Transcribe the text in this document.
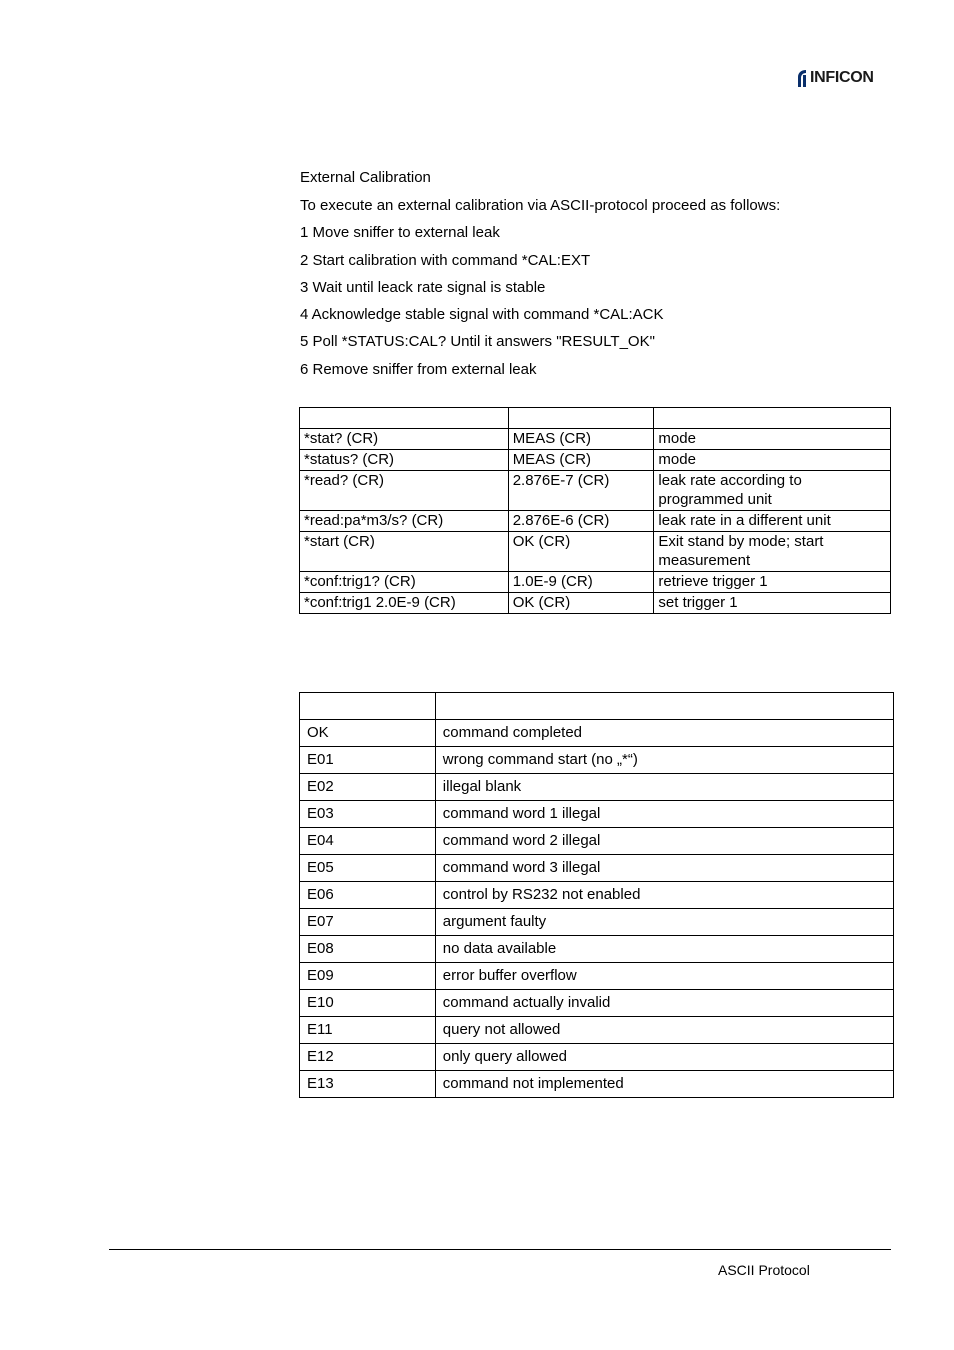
INFICON
External Calibration
To execute an external calibration via ASCII-protocol proceed as follows:
1 Move sniffer to external leak
2 Start calibration with command *CAL:EXT
3 Wait until leack rate signal is stable
4 Acknowledge stable signal with command *CAL:ACK
5 Poll *STATUS:CAL? Until it answers "RESULT_OK"
6 Remove sniffer from external leak

*stat? (CR)	MEAS (CR)	mode
*status? (CR)	MEAS (CR)	mode
*read? (CR)	2.876E-7 (CR)	leak rate according to programmed unit
*read:pa*m3/s? (CR)	2.876E-6 (CR)	leak rate in a different unit
*start (CR)	OK (CR)	Exit stand by mode; start measurement
*conf:trig1? (CR)	1.0E-9 (CR)	retrieve trigger 1
*conf:trig1 2.0E-9 (CR)	OK (CR)	set trigger 1

OK	command completed
E01	wrong command start (no „*“)
E02	illegal blank
E03	command word 1 illegal
E04	command word 2 illegal
E05	command word 3 illegal
E06	control by RS232 not enabled
E07	argument faulty
E08	no data available
E09	error buffer overflow
E10	command actually invalid
E11	query not allowed
E12	only query allowed
E13	command not implemented
ASCII Protocol
